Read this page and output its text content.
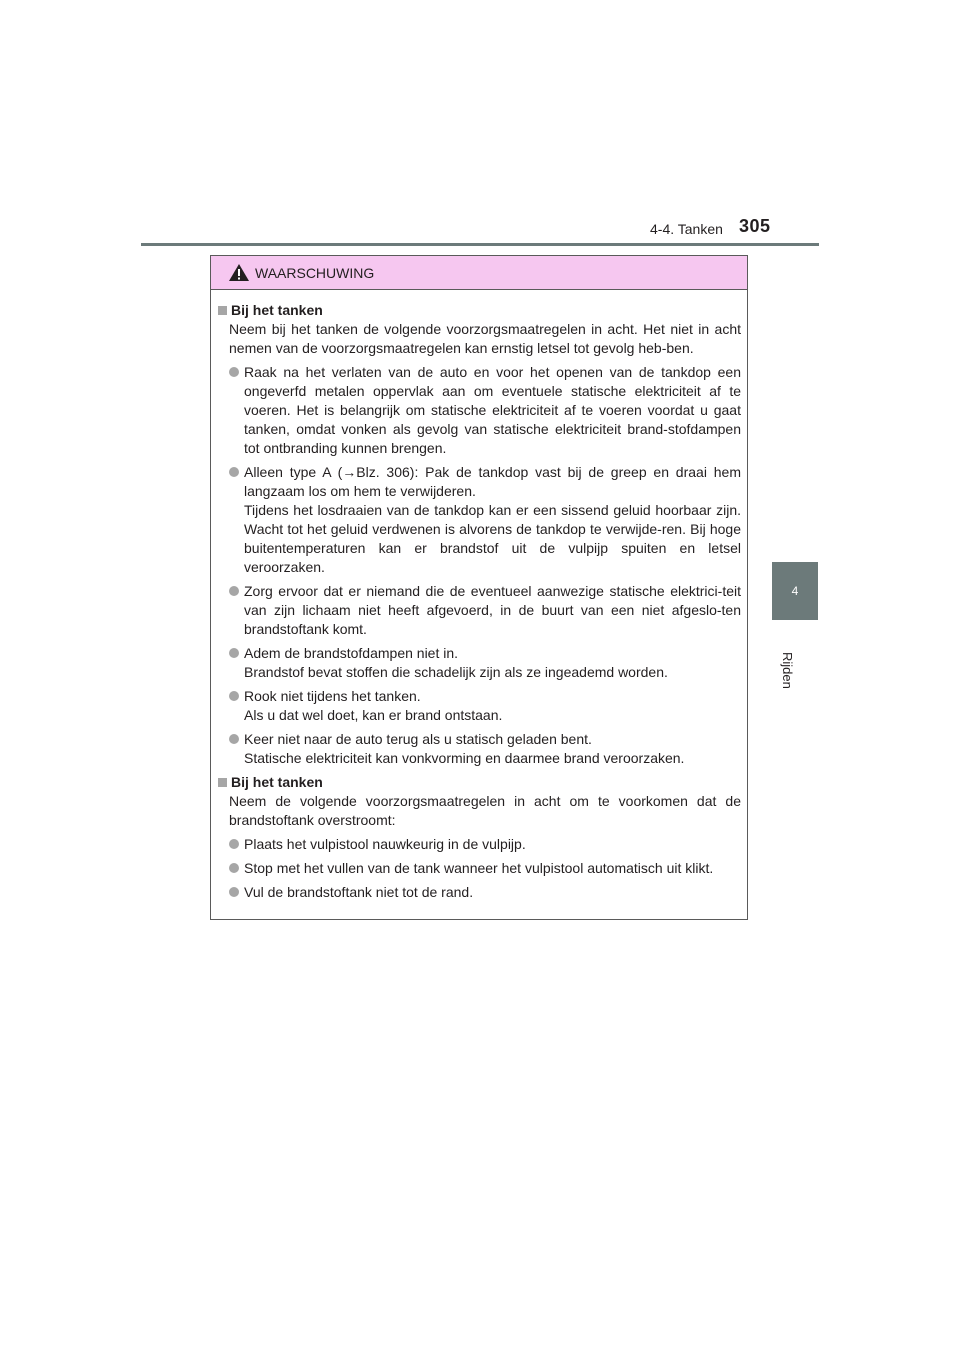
4-4. Tanken 305
4
Rijden
WAARSCHUWING
Bij het tanken
Neem bij het tanken de volgende voorzorgsmaatregelen in acht. Het niet in acht nemen van de voorzorgsmaatregelen kan ernstig letsel tot gevolg heb-ben.
Raak na het verlaten van de auto en voor het openen van de tankdop een ongeverfd metalen oppervlak aan om eventuele statische elektriciteit af te voeren. Het is belangrijk om statische elektriciteit af te voeren voordat u gaat tanken, omdat vonken als gevolg van statische elektriciteit brand-stofdampen tot ontbranding kunnen brengen.
Alleen type A (→Blz. 306): Pak de tankdop vast bij de greep en draai hem langzaam los om hem te verwijderen.
Tijdens het losdraaien van de tankdop kan er een sissend geluid hoorbaar zijn. Wacht tot het geluid verdwenen is alvorens de tankdop te verwijde-ren. Bij hoge buitentemperaturen kan er brandstof uit de vulpijp spuiten en letsel veroorzaken.
Zorg ervoor dat er niemand die de eventueel aanwezige statische elektrici-teit van zijn lichaam niet heeft afgevoerd, in de buurt van een niet afgeslo-ten brandstoftank komt.
Adem de brandstofdampen niet in.
Brandstof bevat stoffen die schadelijk zijn als ze ingeademd worden.
Rook niet tijdens het tanken.
Als u dat wel doet, kan er brand ontstaan.
Keer niet naar de auto terug als u statisch geladen bent.
Statische elektriciteit kan vonkvorming en daarmee brand veroorzaken.
Bij het tanken
Neem de volgende voorzorgsmaatregelen in acht om te voorkomen dat de brandstoftank overstroomt:
Plaats het vulpistool nauwkeurig in de vulpijp.
Stop met het vullen van de tank wanneer het vulpistool automatisch uit klikt.
Vul de brandstoftank niet tot de rand.
